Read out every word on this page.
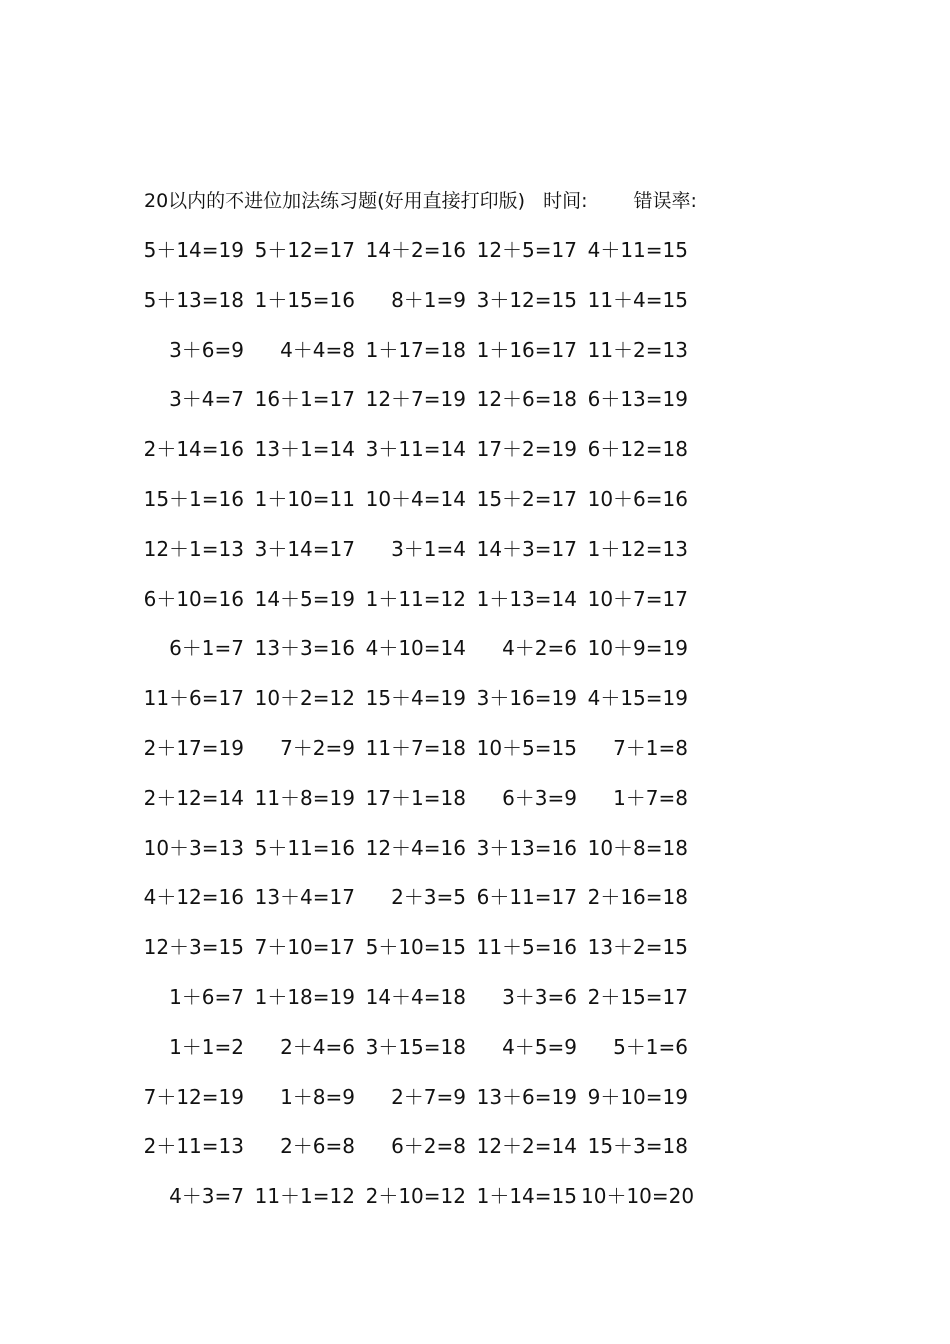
20以内的不进位加法练习题(好用直接打印版) 时间: 错误率:
5＋14=19 5＋12=17 14＋2=16 12＋5=17 4＋11=15
5＋13=18 1＋15=16	8＋1=9 3＋12=15 11＋4=15
3＋6=9	4＋4=8 1＋17=18 1＋16=17 11＋2=13
3＋4=7 16＋1=17 12＋7=19 12＋6=18 6＋13=19
2＋14=16 13＋1=14 3＋11=14 17＋2=19 6＋12=18
15＋1=16 1＋10=11 10＋4=14 15＋2=17 10＋6=16
12＋1=13 3＋14=17	3＋1=4 14＋3=17 1＋12=13
6＋10=16 14＋5=19 1＋11=12 1＋13=14 10＋7=17
6＋1=7 13＋3=16 4＋10=14	4＋2=6 10＋9=19
11＋6=17 10＋2=12 15＋4=19 3＋16=19 4＋15=19
2＋17=19	7＋2=9 11＋7=18 10＋5=15	7＋1=8
2＋12=14 11＋8=19 17＋1=18	6＋3=9	1＋7=8
10＋3=13 5＋11=16 12＋4=16 3＋13=16 10＋8=18
4＋12=16 13＋4=17	2＋3=5 6＋11=17 2＋16=18
12＋3=15 7＋10=17 5＋10=15 11＋5=16 13＋2=15
1＋6=7 1＋18=19 14＋4=18	3＋3=6 2＋15=17
1＋1=2	2＋4=6 3＋15=18	4＋5=9	5＋1=6
7＋12=19	1＋8=9	2＋7=9 13＋6=19 9＋10=19
2＋11=13	2＋6=8	6＋2=8 12＋2=14 15＋3=18
4＋3=7 11＋1=12 2＋10=12 1＋14=15 10＋10=20
